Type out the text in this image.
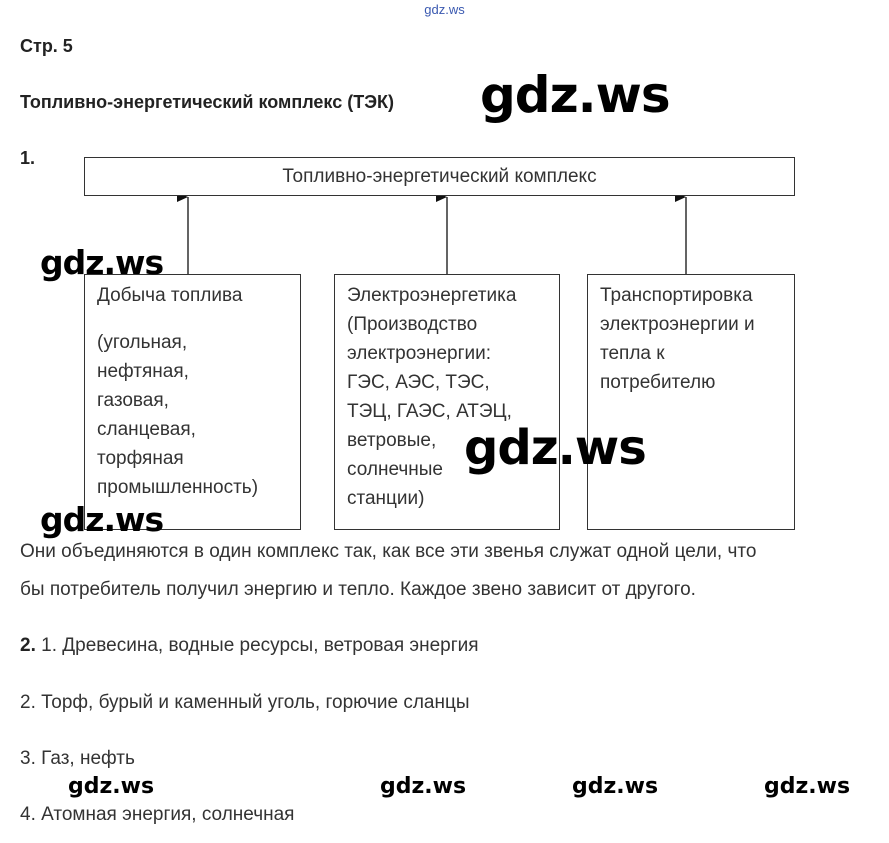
gdz.ws
Стр. 5
Топливно-энергетический комплекс (ТЭК) gdz.ws
1.
Топливно-энергетический комплекс
Добыча топлива
(угольная,
нефтяная,
газовая,
сланцевая,
торфяная
промышленность)
Электроэнергетика
(Производство
электроэнергии:
ГЭС, АЭС, ТЭС,
ТЭЦ, ГАЭС, АТЭЦ,
ветровые,
солнечные
станции)
Транспортировка
электроэнергии и
тепла к
потребителю
gdz.ws
gdz.ws
gdz.ws
Они объединяются в один комплекс так, как все эти звенья служат одной цели, что
бы потребитель получил энергию и тепло. Каждое звено зависит от другого.
2. 1. Древесина, водные ресурсы, ветровая энергия
2. Торф, бурый и каменный уголь, горючие сланцы
3. Газ, нефть
gdz.ws	gdz.ws	gdz.ws	gdz.ws
4. Атомная энергия, солнечная
